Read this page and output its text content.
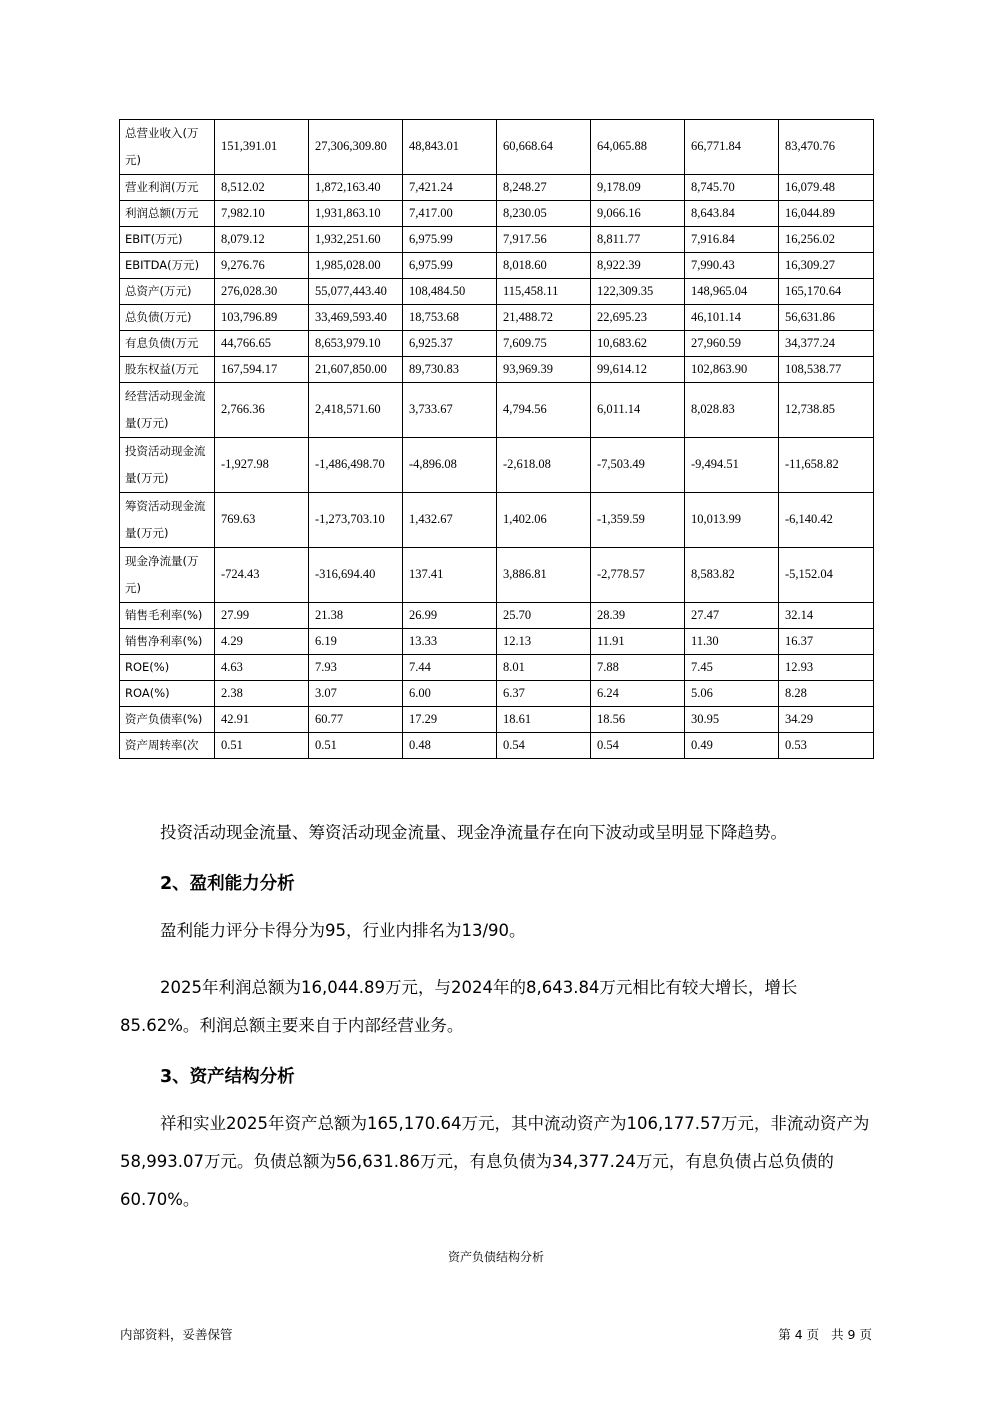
总营业收入(万元)	151,391.01	27,306,309.80	48,843.01	60,668.64	64,065.88	66,771.84	83,470.76
营业利润(万元	8,512.02	1,872,163.40	7,421.24	8,248.27	9,178.09	8,745.70	16,079.48
利润总额(万元	7,982.10	1,931,863.10	7,417.00	8,230.05	9,066.16	8,643.84	16,044.89
EBIT(万元)	8,079.12	1,932,251.60	6,975.99	7,917.56	8,811.77	7,916.84	16,256.02
EBITDA(万元)	9,276.76	1,985,028.00	6,975.99	8,018.60	8,922.39	7,990.43	16,309.27
总资产(万元)	276,028.30	55,077,443.40	108,484.50	115,458.11	122,309.35	148,965.04	165,170.64
总负债(万元)	103,796.89	33,469,593.40	18,753.68	21,488.72	22,695.23	46,101.14	56,631.86
有息负债(万元	44,766.65	8,653,979.10	6,925.37	7,609.75	10,683.62	27,960.59	34,377.24
股东权益(万元	167,594.17	21,607,850.00	89,730.83	93,969.39	99,614.12	102,863.90	108,538.77
经营活动现金流量(万元)	2,766.36	2,418,571.60	3,733.67	4,794.56	6,011.14	8,028.83	12,738.85
投资活动现金流量(万元)	-1,927.98	-1,486,498.70	-4,896.08	-2,618.08	-7,503.49	-9,494.51	-11,658.82
筹资活动现金流量(万元)	769.63	-1,273,703.10	1,432.67	1,402.06	-1,359.59	10,013.99	-6,140.42
现金净流量(万元)	-724.43	-316,694.40	137.41	3,886.81	-2,778.57	8,583.82	-5,152.04
销售毛利率(%)	27.99	21.38	26.99	25.70	28.39	27.47	32.14
销售净利率(%)	4.29	6.19	13.33	12.13	11.91	11.30	16.37
ROE(%)	4.63	7.93	7.44	8.01	7.88	7.45	12.93
ROA(%)	2.38	3.07	6.00	6.37	6.24	5.06	8.28
资产负债率(%)	42.91	60.77	17.29	18.61	18.56	30.95	34.29
资产周转率(次	0.51	0.51	0.48	0.54	0.54	0.49	0.53

投资活动现金流量、筹资活动现金流量、现金净流量存在向下波动或呈明显下降趋势。

2、盈利能力分析

盈利能力评分卡得分为95，行业内排名为13/90。

2025年利润总额为16,044.89万元，与2024年的8,643.84万元相比有较大增长，增长85.62%。利润总额主要来自于内部经营业务。

3、资产结构分析

祥和实业2025年资产总额为165,170.64万元，其中流动资产为106,177.57万元，非流动资产为58,993.07万元。负债总额为56,631.86万元，有息负债为34,377.24万元，有息负债占总负债的60.70%。

资产负债结构分析

内部资料，妥善保管	第 4 页   共 9 页
